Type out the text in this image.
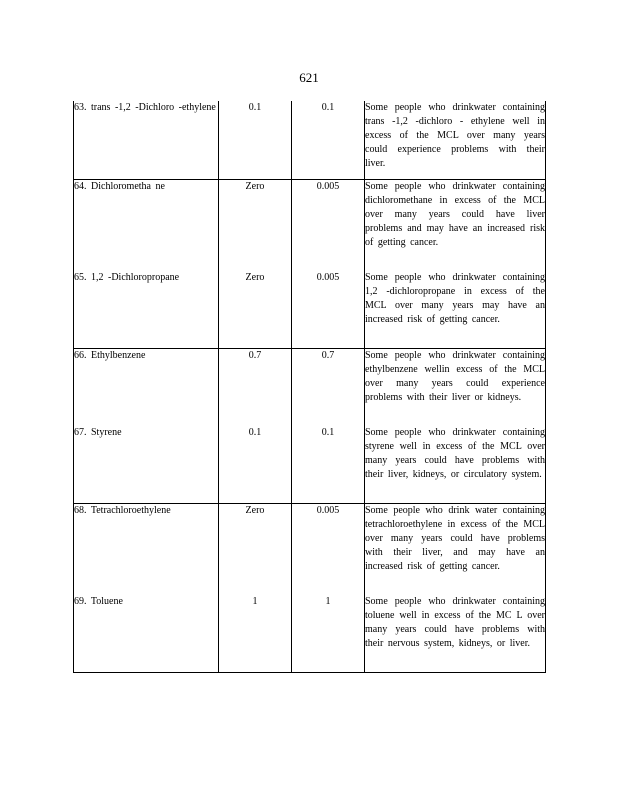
621
63. trans -1,2 -Dichloro -ethylene	0.1	0.1	Some people who drinkwater containing trans -1,2 -dichloro - ethylene well in excess of the MCL over many years could experience problems with their liver.
64. Dichlorometha ne	Zero	0.005	Some people who drinkwater containing dichloromethane in excess of the MCL over many years could have liver problems and may have an increased risk of getting cancer.
65. 1,2 -Dichloropropane	Zero	0.005	Some people who drinkwater containing 1,2 -dichloropropane in excess of the MCL over many years may have an increased risk of getting cancer.
66. Ethylbenzene	0.7	0.7	Some people who drinkwater containing ethylbenzene wellin excess of the MCL over many years could experience problems with their liver or kidneys.
67. Styrene	0.1	0.1	Some people who drinkwater containing styrene well in excess of the MCL over many years could have problems with their liver, kidneys, or circulatory system.
68. Tetrachloroethylene	Zero	0.005	Some people who drink water containing tetrachloroethylene in excess of the MCL over many years could have problems with their liver, and may have an increased risk of getting cancer.
69. Toluene	1	1	Some people who drinkwater containing toluene well in excess of the MC L over many years could have problems with their nervous system, kidneys, or liver.
